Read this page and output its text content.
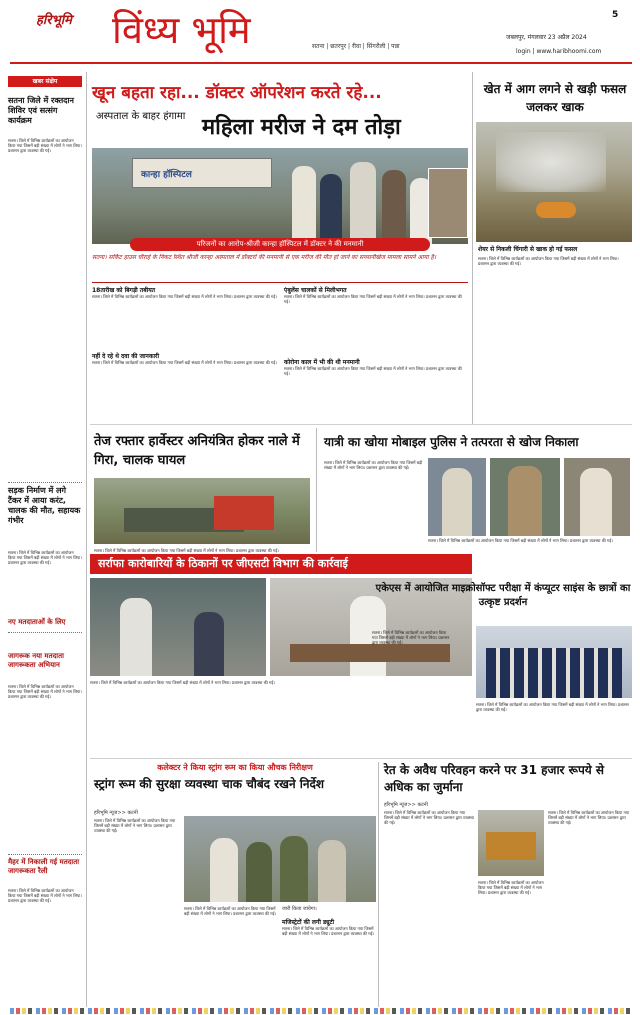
हरिभूमि विंध्य भूमि	सतना | छतरपुर | रीवा | सिंगरौली | पन्ना
जबलपुर, मंगलवार 23 अप्रैल 2024
login | www.haribhoomi.com
5
खबर संक्षेप
सतना जिले में रक्तदान शिविर एवं सत्संग कार्यक्रम
सतना। जिले में विभिन्न कार्यक्रमों का आयोजन किया गया जिसमें बड़ी संख्या में लोगों ने भाग लिया। प्रशासन द्वारा व्यवस्था की गई।
सड़क निर्माण में लगे टैंकर में आया करंट, चालक की मौत, सहायक गंभीर
सतना। जिले में विभिन्न कार्यक्रमों का आयोजन किया गया जिसमें बड़ी संख्या में लोगों ने भाग लिया। प्रशासन द्वारा व्यवस्था की गई।
नए मतदाताओं के लिए
जागरूक नया मतदाता जागरूकता अभियान
सतना। जिले में विभिन्न कार्यक्रमों का आयोजन किया गया जिसमें बड़ी संख्या में लोगों ने भाग लिया। प्रशासन द्वारा व्यवस्था की गई।
मैहर में निकाली गई मतदाता जागरूकता रैली
सतना। जिले में विभिन्न कार्यक्रमों का आयोजन किया गया जिसमें बड़ी संख्या में लोगों ने भाग लिया। प्रशासन द्वारा व्यवस्था की गई।
खून बहता रहा... डॉक्टर ऑपरेशन करते रहे...
अस्पताल के बाहर हंगामा महिला मरीज ने दम तोड़ा
कान्हा हॉस्पिटल
परिजनों का आरोप-श्रीजी कान्हा हॉस्पिटल में डॉक्टर ने की मनमानी
सतना। सर्किट हाउस चौराहे के निकट स्थित श्रीजी कान्हा अस्पताल में डॉक्टरों की मनमानी से एक मरीज की मौत हो जाने का सनसनीखेज मामला सामने आया है।
18तारीख को बिगड़ी तबीयत
सतना। जिले में विभिन्न कार्यक्रमों का आयोजन किया गया जिसमें बड़ी संख्या में लोगों ने भाग लिया। प्रशासन द्वारा व्यवस्था की गई।
नहीं दे रहे थे दवा की जानकारी
सतना। जिले में विभिन्न कार्यक्रमों का आयोजन किया गया जिसमें बड़ी संख्या में लोगों ने भाग लिया। प्रशासन द्वारा व्यवस्था की गई।
एंबुलेंस चालकों से मिलीभगत
सतना। जिले में विभिन्न कार्यक्रमों का आयोजन किया गया जिसमें बड़ी संख्या में लोगों ने भाग लिया। प्रशासन द्वारा व्यवस्था की गई।
कोरोना काल में भी की थी मनमानी
सतना। जिले में विभिन्न कार्यक्रमों का आयोजन किया गया जिसमें बड़ी संख्या में लोगों ने भाग लिया। प्रशासन द्वारा व्यवस्था की गई।
खेत में आग लगने से खड़ी फसल जलकर खाक
शेयर से निकली चिंगारी से खाक हो गई फसल
सतना। जिले में विभिन्न कार्यक्रमों का आयोजन किया गया जिसमें बड़ी संख्या में लोगों ने भाग लिया। प्रशासन द्वारा व्यवस्था की गई।
तेज रफ्तार हार्वेस्टर अनियंत्रित होकर नाले में गिरा, चालक घायल
सतना। जिले में विभिन्न कार्यक्रमों का आयोजन किया गया जिसमें बड़ी संख्या में लोगों ने भाग लिया। प्रशासन द्वारा व्यवस्था की गई।
यात्री का खोया मोबाइल पुलिस ने तत्परता से खोज निकाला
सतना। जिले में विभिन्न कार्यक्रमों का आयोजन किया गया जिसमें बड़ी संख्या में लोगों ने भाग लिया। प्रशासन द्वारा व्यवस्था की गई।
सतना। जिले में विभिन्न कार्यक्रमों का आयोजन किया गया जिसमें बड़ी संख्या में लोगों ने भाग लिया। प्रशासन द्वारा व्यवस्था की गई।
सर्राफा कारोबारियों के ठिकानों पर जीएसटी विभाग की कार्रवाई
सतना। जिले में विभिन्न कार्यक्रमों का आयोजन किया गया जिसमें बड़ी संख्या में लोगों ने भाग लिया। प्रशासन द्वारा व्यवस्था की गई।
एकेएस में आयोजित माइक्रोसॉफ्ट परीक्षा में कंप्यूटर साइंस के छात्रों का उत्कृष्ट प्रदर्शन
सतना। जिले में विभिन्न कार्यक्रमों का आयोजन किया गया जिसमें बड़ी संख्या में लोगों ने भाग लिया। प्रशासन द्वारा व्यवस्था की गई।
सतना। जिले में विभिन्न कार्यक्रमों का आयोजन किया गया जिसमें बड़ी संख्या में लोगों ने भाग लिया। प्रशासन द्वारा व्यवस्था की गई।
कलेक्टर ने किया स्ट्रांग रूम का किया औचक निरीक्षण
स्ट्रांग रूम की सुरक्षा व्यवस्था चाक चौबंद रखने निर्देश
हरिभूमि न्यूज>> कटनी
सतना। जिले में विभिन्न कार्यक्रमों का आयोजन किया गया जिसमें बड़ी संख्या में लोगों ने भाग लिया। प्रशासन द्वारा व्यवस्था की गई।
सतना। जिले में विभिन्न कार्यक्रमों का आयोजन किया गया जिसमें बड़ी संख्या में लोगों ने भाग लिया। प्रशासन द्वारा व्यवस्था की गई।
जारी किया जायेगा।
मजिस्ट्रेटों की लगी ड्यूटी
सतना। जिले में विभिन्न कार्यक्रमों का आयोजन किया गया जिसमें बड़ी संख्या में लोगों ने भाग लिया। प्रशासन द्वारा व्यवस्था की गई।
रेत के अवैध परिवहन करने पर 31 हजार रूपये से अधिक का जुर्माना
हरिभूमि न्यूज>> कटनी
सतना। जिले में विभिन्न कार्यक्रमों का आयोजन किया गया जिसमें बड़ी संख्या में लोगों ने भाग लिया। प्रशासन द्वारा व्यवस्था की गई।
सतना। जिले में विभिन्न कार्यक्रमों का आयोजन किया गया जिसमें बड़ी संख्या में लोगों ने भाग लिया। प्रशासन द्वारा व्यवस्था की गई।
सतना। जिले में विभिन्न कार्यक्रमों का आयोजन किया गया जिसमें बड़ी संख्या में लोगों ने भाग लिया। प्रशासन द्वारा व्यवस्था की गई।
